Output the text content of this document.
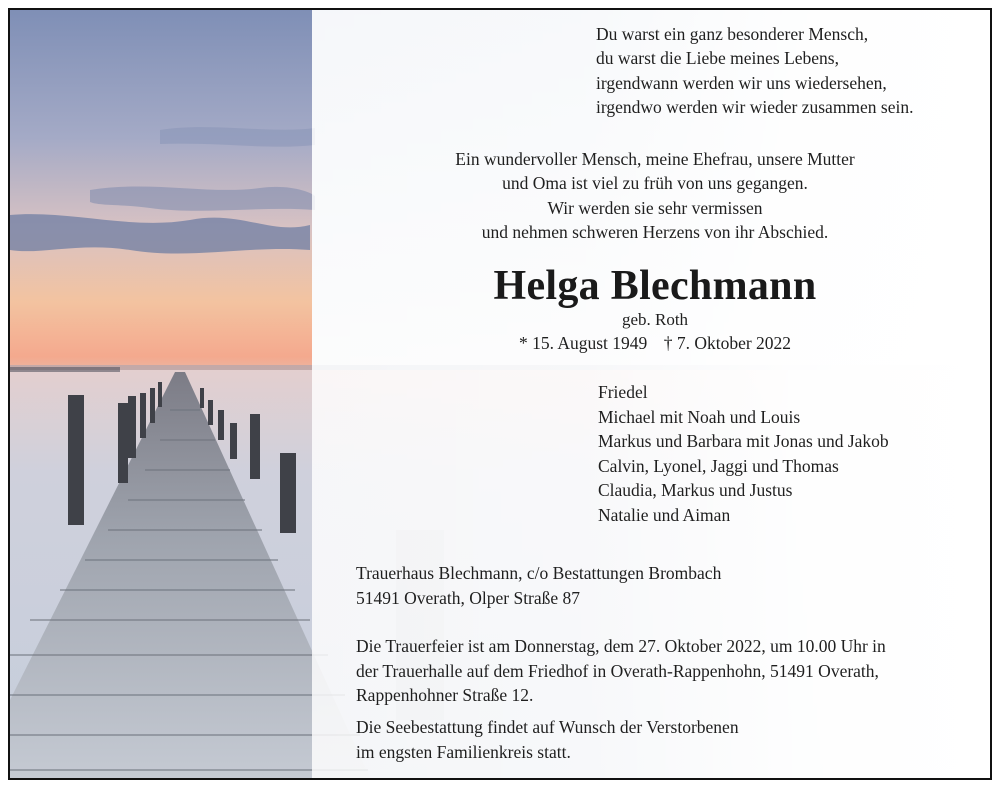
Du warst ein ganz besonderer Mensch,
du warst die Liebe meines Lebens,
irgendwann werden wir uns wiedersehen,
irgendwo werden wir wieder zusammen sein.
Ein wundervoller Mensch, meine Ehefrau, unsere Mutter
und Oma ist viel zu früh von uns gegangen.
Wir werden sie sehr vermissen
und nehmen schweren Herzens von ihr Abschied.
Helga Blechmann
geb. Roth
* 15. August 1949 † 7. Oktober 2022
Friedel
Michael mit Noah und Louis
Markus und Barbara mit Jonas und Jakob
Calvin, Lyonel, Jaggi und Thomas
Claudia, Markus und Justus
Natalie und Aiman
Trauerhaus Blechmann, c/o Bestattungen Brombach
51491 Overath, Olper Straße 87
Die Trauerfeier ist am Donnerstag, dem 27. Oktober 2022, um 10.00 Uhr in
der Trauerhalle auf dem Friedhof in Overath-Rappenhohn, 51491 Overath,
Rappenhohner Straße 12.
Die Seebestattung findet auf Wunsch der Verstorbenen
im engsten Familienkreis statt.
